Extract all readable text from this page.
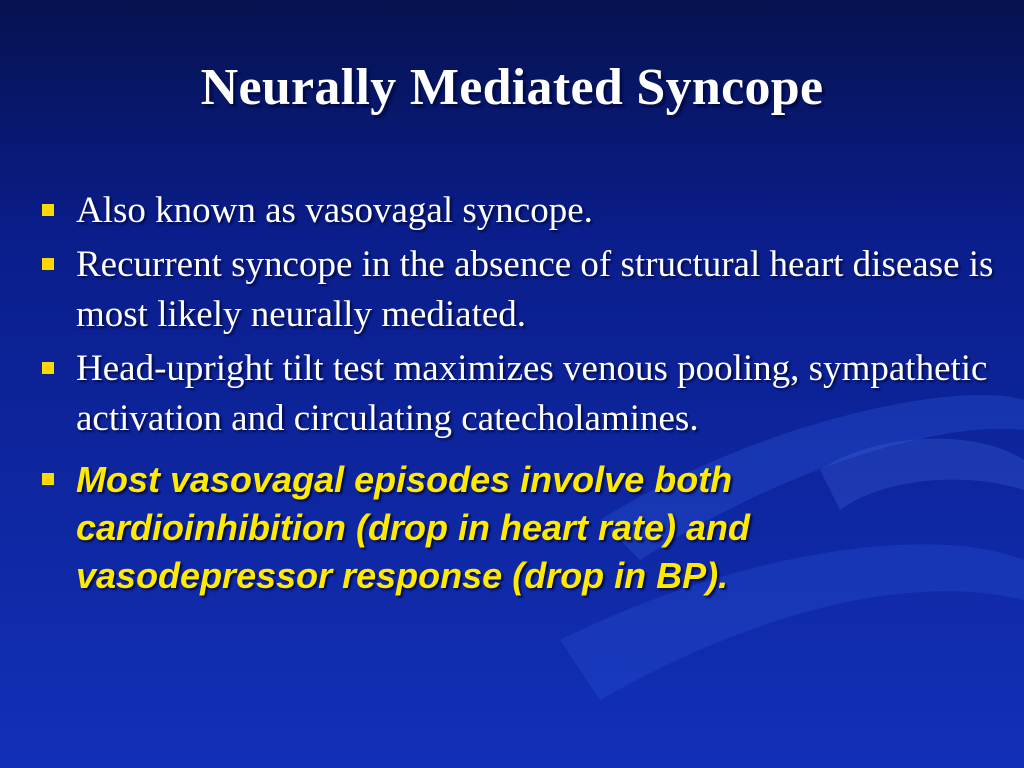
Neurally Mediated Syncope
Also known as vasovagal syncope.
Recurrent syncope in the absence of structural heart disease is most likely neurally mediated.
Head-upright tilt test maximizes venous pooling, sympathetic activation and circulating catecholamines.
Most vasovagal episodes involve both cardioinhibition (drop in heart rate) and vasodepressor response (drop in BP).
